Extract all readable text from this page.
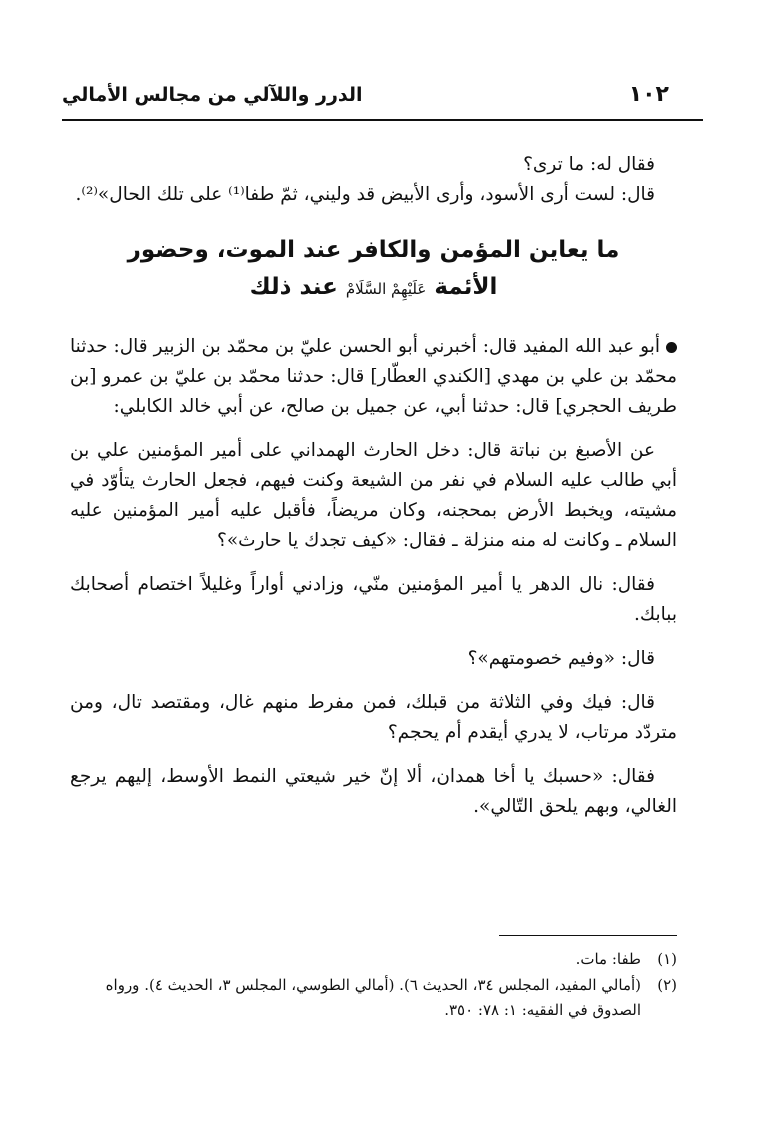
١٠٢
الدرر واللآلي من مجالس الأمالي

فقال له: ما ترى؟

قال: لست أرى الأسود، وأرى الأبيض قد وليني، ثمّ طفا⁽¹⁾ على تلك الحال»⁽²⁾.

ما يعاين المؤمن والكافر عند الموت، وحضور
الأئمة عَلَيْهِمْ السَّلَامْ عند ذلك

أبو عبد الله المفيد قال: أخبرني أبو الحسن عليّ بن محمّد بن الزبير قال: حدثنا محمّد بن علي بن مهدي [الكندي العطّار] قال: حدثنا محمّد بن عليّ بن عمرو [بن طريف الحجري] قال: حدثنا أبي، عن جميل بن صالح، عن أبي خالد الكابلي:

عن الأصبغ بن نباتة قال: دخل الحارث الهمداني على أمير المؤمنين علي بن أبي طالب عليه السلام في نفر من الشيعة وكنت فيهم، فجعل الحارث يتأوّد في مشيته، ويخبط الأرض بمحجنه، وكان مريضاً، فأقبل عليه أمير المؤمنين عليه السلام ـ وكانت له منه منزلة ـ فقال: «كيف تجدك يا حارث»؟

فقال: نال الدهر يا أمير المؤمنين منّي، وزادني أواراً وغليلاً اختصام أصحابك ببابك.

قال: «وفيم خصومتهم»؟

قال: فيك وفي الثلاثة من قبلك، فمن مفرط منهم غال، ومقتصد تال، ومن متردّد مرتاب، لا يدري أيقدم أم يحجم؟

فقال: «حسبك يا أخا همدان، ألا إنّ خير شيعتي النمط الأوسط، إليهم يرجع الغالي، وبهم يلحق التّالي».

(١)
طفا: مات.

(٢)
(أمالي المفيد، المجلس ٣٤، الحديث ٦). (أمالي الطوسي، المجلس ٣، الحديث ٤). ورواه الصدوق في الفقيه: ١: ٧٨: ٣٥٠.
